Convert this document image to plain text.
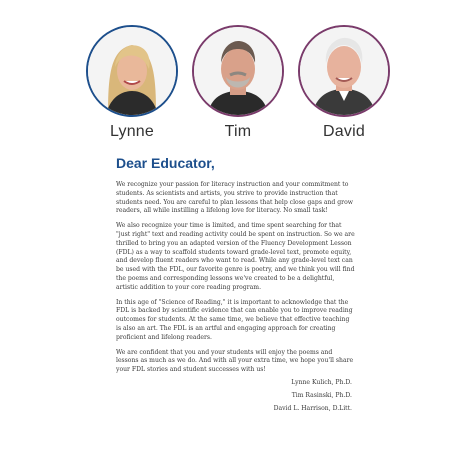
Lynne	Tim	David
Dear Educator,

We recognize your passion for literacy instruction and your commitment to students. As scientists and artists, you strive to provide instruction that students need. You are careful to plan lessons that help close gaps and grow readers, all while instilling a lifelong love for literacy. No small task!

We also recognize your time is limited, and time spent searching for that "just right" text and reading activity could be spent on instruction. So we are thrilled to bring you an adapted version of the Fluency Development Lesson (FDL) as a way to scaffold students toward grade-level text, promote equity, and develop fluent readers who want to read. While any grade-level text can be used with the FDL, our favorite genre is poetry, and we think you will find the poems and corresponding lessons we've created to be a delightful, artistic addition to your core reading program.

In this age of "Science of Reading," it is important to acknowledge that the FDL is backed by scientific evidence that can enable you to improve reading outcomes for students. At the same time, we believe that effective teaching is also an art. The FDL is an artful and engaging approach for creating proficient and lifelong readers.

We are confident that you and your students will enjoy the poems and lessons as much as we do. And with all your extra time, we hope you'll share your FDL stories and student successes with us!

Lynne Kulich, Ph.D.
Tim Rasinski, Ph.D.
David L. Harrison, D.Litt.
